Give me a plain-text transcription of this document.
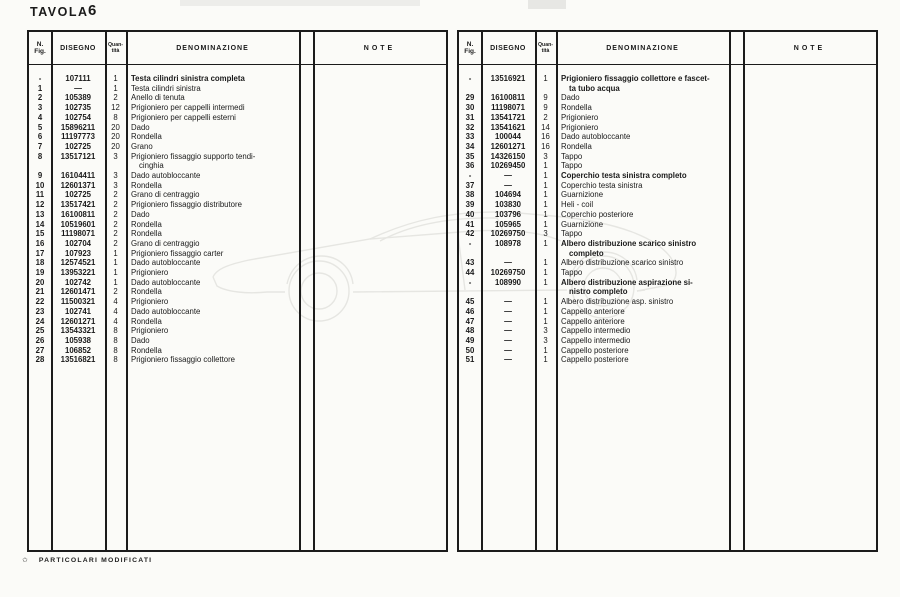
TAVOLA 6
N.
Fig.	DISEGNO	Quan-
tità	DENOMINAZIONE	NOTE
-	107111	1	Testa cilindri sinistra completa
1	—	1	Testa cilindri sinistra
2	105389	2	Anello di tenuta
3	102735	12	Prigioniero per cappelli intermedi
4	102754	8	Prigioniero per cappelli esterni
5	15896211	20	Dado
6	11197773	20	Rondella
7	102725	20	Grano
8	13517121	3	Prigioniero fissaggio supporto tendi-
cinghia
9	16104411	3	Dado autobloccante
10	12601371	3	Rondella
11	102725	2	Grano di centraggio
12	13517421	2	Prigioniero fissaggio distributore
13	16100811	2	Dado
14	10519601	2	Rondella
15	11198071	2	Rondella
16	102704	2	Grano di centraggio
17	107923	1	Prigioniero fissaggio carter
18	12574521	1	Dado autobloccante
19	13953221	1	Prigioniero
20	102742	1	Dado autobloccante
21	12601471	2	Rondella
22	11500321	4	Prigioniero
23	102741	4	Dado autobloccante
24	12601271	4	Rondella
25	13543321	8	Prigioniero
26	105938	8	Dado
27	106852	8	Rondella
28	13516821	8	Prigioniero fissaggio collettore
N.
Fig.	DISEGNO	Quan-
tità	DENOMINAZIONE	NOTE
-	13516921	1	Prigioniero fissaggio collettore e fascet-
ta tubo acqua
29	16100811	9	Dado
30	11198071	9	Rondella
31	13541721	2	Prigioniero
32	13541621	14	Prigioniero
33	100044	16	Dado autobloccante
34	12601271	16	Rondella
35	14326150	3	Tappo
36	10269450	1	Tappo
-	—	1	Coperchio testa sinistra completo
37	—	1	Coperchio testa sinistra
38	104694	1	Guarnizione
39	103830	1	Heli - coil
40	103796	1	Coperchio posteriore
41	105965	1	Guarnizione
42	10269750	3	Tappo
-	108978	1	Albero distribuzione scarico sinistro
completo
43	—	1	Albero distribuzione scarico sinistro
44	10269750	1	Tappo
-	108990	1	Albero distribuzione aspirazione si-
nistro completo
45	—	1	Albero distribuzione asp. sinistro
46	—	1	Cappello anteriore
47	—	1	Cappello anteriore
48	—	3	Cappello intermedio
49	—	3	Cappello intermedio
50	—	1	Cappello posteriore
51	—	1	Cappello posteriore
✩ PARTICOLARI MODIFICATI
